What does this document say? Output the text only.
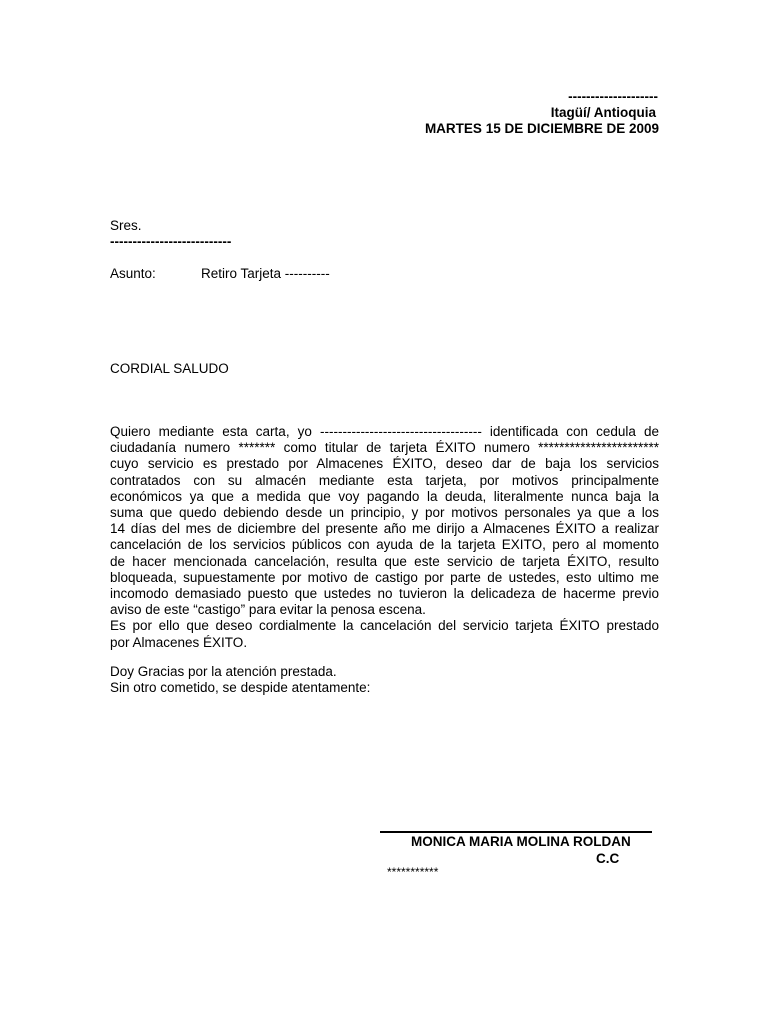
--------------------
Itagüí/ Antioquia
MARTES 15 DE DICIEMBRE DE 2009
Sres.
---------------------------
Asunto:	Retiro Tarjeta ----------
CORDIAL SALUDO
Quiero mediante esta carta, yo ------------------------------------ identificada con cedula de
ciudadanía numero ******* como titular de tarjeta ÉXITO numero ***********************
cuyo servicio es prestado por Almacenes ÉXITO, deseo dar de baja los servicios
contratados con su almacén mediante esta tarjeta, por motivos principalmente
económicos ya que a medida que voy pagando la deuda, literalmente nunca baja la
suma que quedo debiendo desde un principio, y por motivos personales ya que a los
14 días del mes de diciembre del presente año me dirijo a Almacenes ÉXITO a realizar
cancelación de los servicios públicos con ayuda de la tarjeta EXITO, pero al momento
de hacer mencionada cancelación, resulta que este servicio de tarjeta ÉXITO, resulto
bloqueada, supuestamente por motivo de castigo por parte de ustedes, esto ultimo me
incomodo demasiado puesto que ustedes no tuvieron la delicadeza de hacerme previo
aviso de este “castigo” para evitar la penosa escena.
Es por ello que deseo cordialmente la cancelación del servicio tarjeta ÉXITO prestado
por Almacenes ÉXITO.
Doy Gracias por la atención prestada.
Sin otro cometido, se despide atentamente:
MONICA MARIA MOLINA ROLDAN
C.C
***********
